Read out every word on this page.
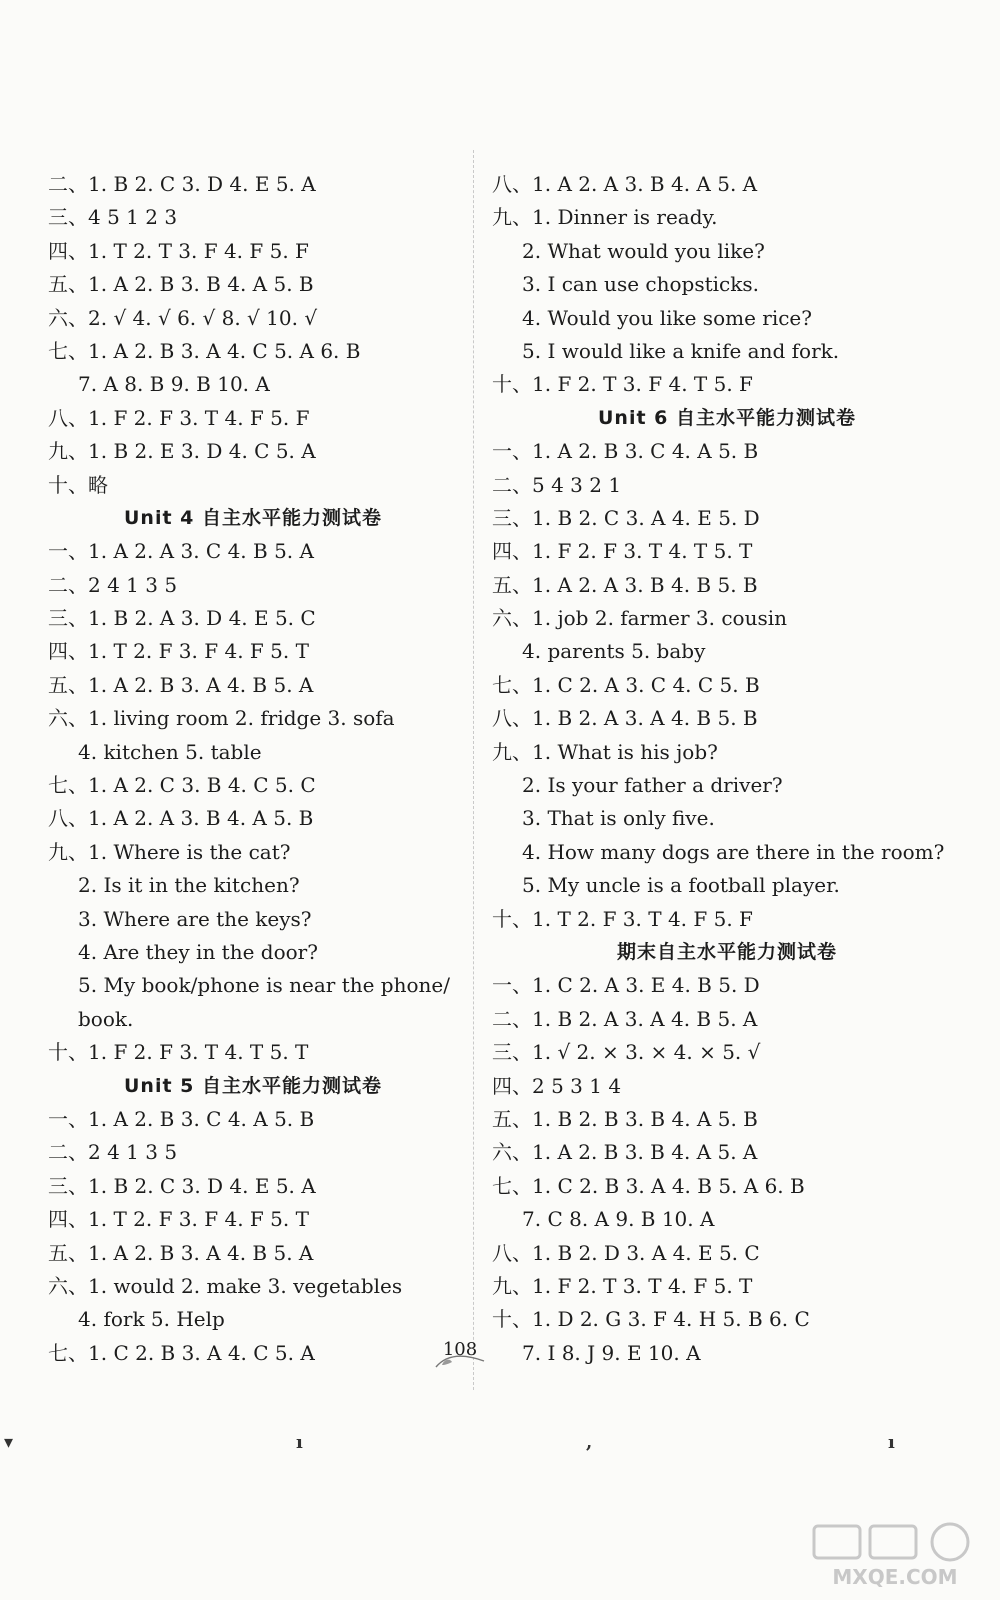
二、1. B 2. C 3. D 4. E 5. A
三、4 5 1 2 3
四、1. T 2. T 3. F 4. F 5. F
五、1. A 2. B 3. B 4. A 5. B
六、2. √ 4. √ 6. √ 8. √ 10. √
七、1. A 2. B 3. A 4. C 5. A 6. B
7. A 8. B 9. B 10. A
八、1. F 2. F 3. T 4. F 5. F
九、1. B 2. E 3. D 4. C 5. A
十、略
Unit 4 自主水平能力测试卷
一、1. A 2. A 3. C 4. B 5. A
二、2 4 1 3 5
三、1. B 2. A 3. D 4. E 5. C
四、1. T 2. F 3. F 4. F 5. T
五、1. A 2. B 3. A 4. B 5. A
六、1. living room 2. fridge 3. sofa
4. kitchen 5. table
七、1. A 2. C 3. B 4. C 5. C
八、1. A 2. A 3. B 4. A 5. B
九、1. Where is the cat?
2. Is it in the kitchen?
3. Where are the keys?
4. Are they in the door?
5. My book/phone is near the phone/
book.
十、1. F 2. F 3. T 4. T 5. T
Unit 5 自主水平能力测试卷
一、1. A 2. B 3. C 4. A 5. B
二、2 4 1 3 5
三、1. B 2. C 3. D 4. E 5. A
四、1. T 2. F 3. F 4. F 5. T
五、1. A 2. B 3. A 4. B 5. A
六、1. would 2. make 3. vegetables
4. fork 5. Help
七、1. C 2. B 3. A 4. C 5. A
八、1. A 2. A 3. B 4. A 5. A
九、1. Dinner is ready.
2. What would you like?
3. I can use chopsticks.
4. Would you like some rice?
5. I would like a knife and fork.
十、1. F 2. T 3. F 4. T 5. F
Unit 6 自主水平能力测试卷
一、1. A 2. B 3. C 4. A 5. B
二、5 4 3 2 1
三、1. B 2. C 3. A 4. E 5. D
四、1. F 2. F 3. T 4. T 5. T
五、1. A 2. A 3. B 4. B 5. B
六、1. job 2. farmer 3. cousin
4. parents 5. baby
七、1. C 2. A 3. C 4. C 5. B
八、1. B 2. A 3. A 4. B 5. B
九、1. What is his job?
2. Is your father a driver?
3. That is only five.
4. How many dogs are there in the room?
5. My uncle is a football player.
十、1. T 2. F 3. T 4. F 5. F
期末自主水平能力测试卷
一、1. C 2. A 3. E 4. B 5. D
二、1. B 2. A 3. A 4. B 5. A
三、1. √ 2. × 3. × 4. × 5. √
四、2 5 3 1 4
五、1. B 2. B 3. B 4. A 5. B
六、1. A 2. B 3. B 4. A 5. A
七、1. C 2. B 3. A 4. B 5. A 6. B
7. C 8. A 9. B 10. A
八、1. B 2. D 3. A 4. E 5. C
九、1. F 2. T 3. T 4. F 5. T
十、1. D 2. G 3. F 4. H 5. B 6. C
7. I 8. J 9. E 10. A
108
▾	ı	,	ı
MXQE.COM
